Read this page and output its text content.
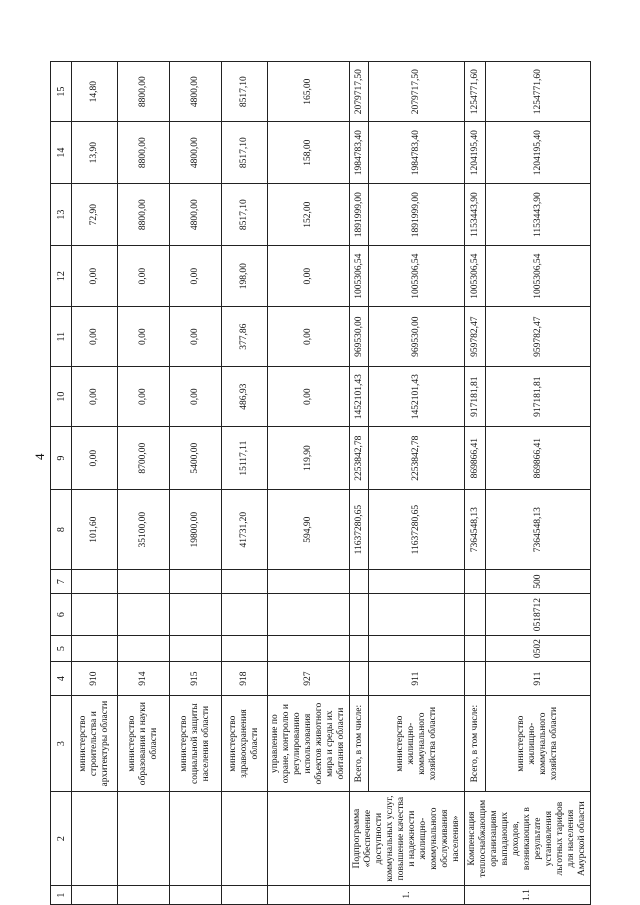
4
1	2	3	4	5	6	7	8	9	10	11	12	13	14	15
		министерство строительства и архитектуры области	910				101,60	0,00	0,00	0,00	0,00	72,90	13,90	14,80
		министерство образования и науки области	914				35100,00	8700,00	0,00	0,00	0,00	8800,00	8800,00	8800,00
		министерство социальной защиты населения области	915				19800,00	5400,00	0,00	0,00	0,00	4800,00	4800,00	4800,00
		министерство здравоохранения области	918				41731,20	15117,11	486,93	377,86	198,00	8517,10	8517,10	8517,10
		управление по охране, контролю и регулированию использования объектов животного мира и среды их обитания области	927				594,90	119,90	0,00	0,00	0,00	152,00	158,00	165,00
1.	Подпрограмма «Обеспечение доступности коммунальных услуг, повышение качества и надежности жилищно-коммунального обслуживания населения»	Всего, в том числе:					11637280,65	2253842,78	1452101,43	969530,00	1005306,54	1891999,00	1984783,40	2079717,50
		министерство жилищно-коммунального хозяйства области	911				11637280,65	2253842,78	1452101,43	969530,00	1005306,54	1891999,00	1984783,40	2079717,50
1.1	Компенсация теплоснабжающим организациям выпадающих доходов, возникающих в результате установления льготных тарифов для населения Амурской области	Всего, в том числе:					7364548,13	869866,41	917181,81	959782,47	1005306,54	1153443,90	1204195,40	1254771,60
		министерство жилищно-коммунального хозяйства области	911	0502	0518712	500	7364548,13	869866,41	917181,81	959782,47	1005306,54	1153443,90	1204195,40	1254771,60
